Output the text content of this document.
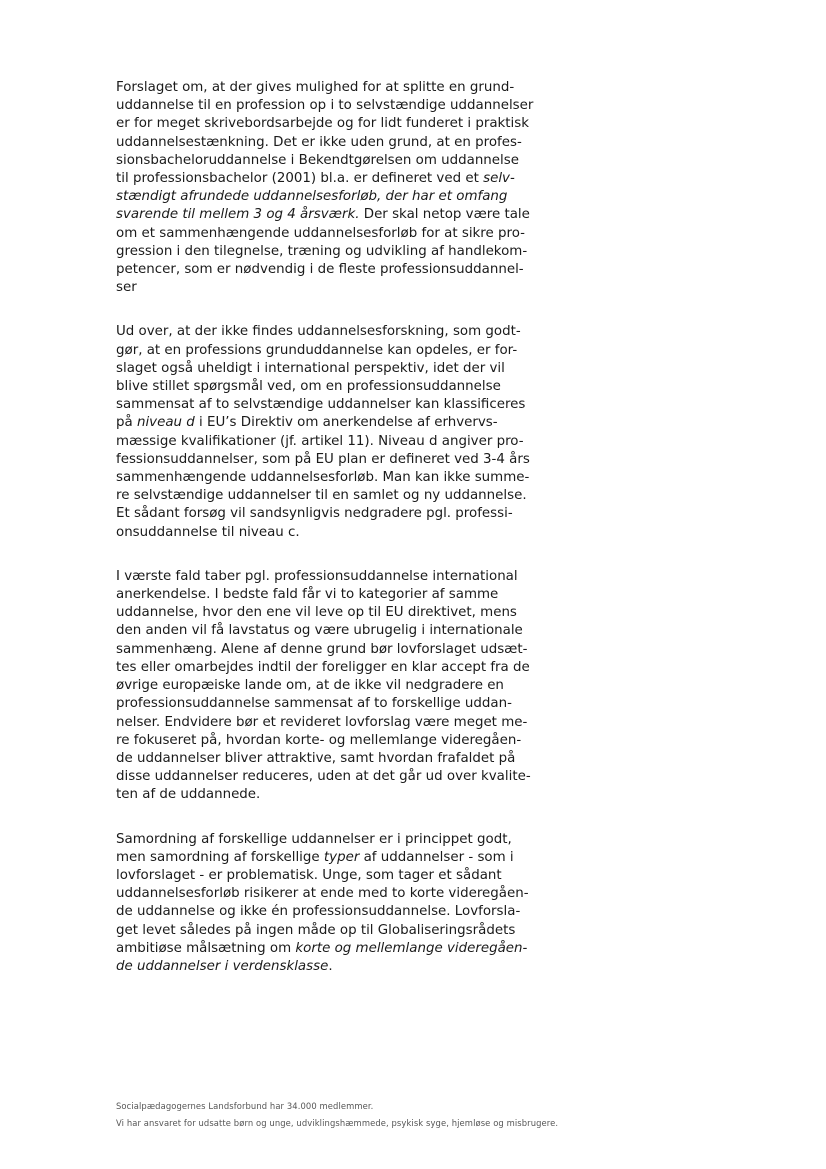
Forslaget om, at der gives mulighed for at splitte en grund-
uddannelse til en profession op i to selvstændige uddannelser
er for meget skrivebordsarbejde og for lidt funderet i praktisk
uddannelsestænkning. Det er ikke uden grund, at en profes-
sionsbacheloruddannelse i Bekendtgørelsen om uddannelse
til professionsbachelor (2001) bl.a. er defineret ved et selv-
stændigt afrundede uddannelsesforløb, der har et omfang
svarende til mellem 3 og 4 årsværk. Der skal netop være tale
om et sammenhængende uddannelsesforløb for at sikre pro-
gression i den tilegnelse, træning og udvikling af handlekom-
petencer, som er nødvendig i de fleste professionsuddannel-
ser

Ud over, at der ikke findes uddannelsesforskning, som godt-
gør, at en professions grunduddannelse kan opdeles, er for-
slaget også uheldigt i international perspektiv, idet der vil
blive stillet spørgsmål ved, om en professionsuddannelse
sammensat af to selvstændige uddannelser kan klassificeres
på niveau d i EU’s Direktiv om anerkendelse af erhvervs-
mæssige kvalifikationer (jf. artikel 11). Niveau d angiver pro-
fessionsuddannelser, som på EU plan er defineret ved 3-4 års
sammenhængende uddannelsesforløb. Man kan ikke summe-
re selvstændige uddannelser til en samlet og ny uddannelse.
Et sådant forsøg vil sandsynligvis nedgradere pgl. professi-
onsuddannelse til niveau c.

I værste fald taber pgl. professionsuddannelse international
anerkendelse. I bedste fald får vi to kategorier af samme
uddannelse, hvor den ene vil leve op til EU direktivet, mens
den anden vil få lavstatus og være ubrugelig i internationale
sammenhæng. Alene af denne grund bør lovforslaget udsæt-
tes eller omarbejdes indtil der foreligger en klar accept fra de
øvrige europæiske lande om, at de ikke vil nedgradere en
professionsuddannelse sammensat af to forskellige uddan-
nelser. Endvidere bør et revideret lovforslag være meget me-
re fokuseret på, hvordan korte- og mellemlange videregåen-
de uddannelser bliver attraktive, samt hvordan frafaldet på
disse uddannelser reduceres, uden at det går ud over kvalite-
ten af de uddannede.

Samordning af forskellige uddannelser er i princippet godt,
men samordning af forskellige typer af uddannelser - som i
lovforslaget - er problematisk. Unge, som tager et sådant
uddannelsesforløb risikerer at ende med to korte videregåen-
de uddannelse og ikke én professionsuddannelse. Lovforsla-
get levet således på ingen måde op til Globaliseringsrådets
ambitiøse målsætning om korte og mellemlange videregåen-
de uddannelser i verdensklasse.

Socialpædagogernes Landsforbund har 34.000 medlemmer.
Vi har ansvaret for udsatte børn og unge, udviklingshæmmede, psykisk syge, hjemløse og misbrugere.
